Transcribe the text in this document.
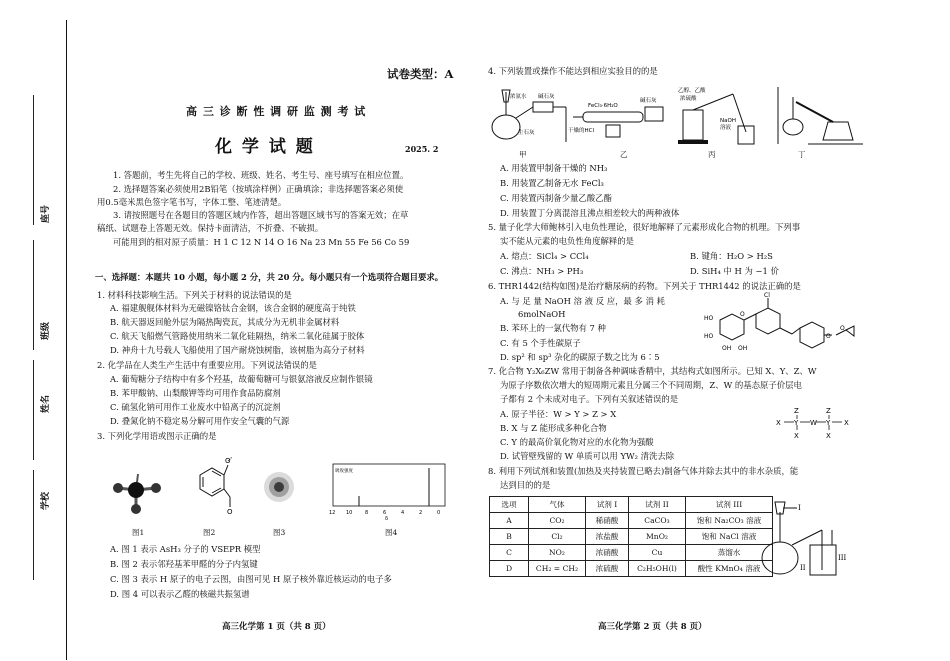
座号
班级
姓名
学校
试卷类型：A
高 三 诊 断 性 调 研 监 测 考 试
化 学 试 题	2025. 2
1. 答题前，考生先将自己的学校、班级、姓名、考生号、座号填写在相应位置。
2. 选择题答案必须使用2B铅笔（按填涂样例）正确填涂；非选择题答案必须使
用0.5毫米黑色签字笔书写，字体工整、笔迹清楚。
3. 请按照题号在各题目的答题区域内作答，超出答题区域书写的答案无效；在草
稿纸、试题卷上答题无效。保持卡面清洁，不折叠、不破损。
可能用到的相对原子质量：H 1 C 12 N 14 O 16 Na 23 Mn 55 Fe 56 Co 59
一、选择题：本题共 10 小题，每小题 2 分，共 20 分。每小题只有一个选项符合题目要求。
1. 材料科技影响生活。下列关于材料的说法错误的是
A. 福建舰舰体材料为无磁镍铬钛合金钢，该合金钢的硬度高于纯铁
B. 航天器返回舱外层为隔热陶瓷瓦，其成分为无机非金属材料
C. 航天飞船燃气管路使用纳米二氧化硅隔热，纳米二氧化硅属于胶体
D. 神舟十九号载人飞船使用了国产耐烧蚀树脂，该树脂为高分子材料
2. 化学品在人类生产生活中有重要应用。下列说法错误的是
A. 葡萄糖分子结构中有多个羟基，故葡萄糖可与银氨溶液反应制作银镜
B. 苯甲酸钠、山梨酸钾等均可用作食品防腐剂
C. 硫氢化钠可用作工业废水中铅离子的沉淀剂
D. 叠氮化钠不稳定易分解可用作安全气囊的气源
3. 下列化学用语或图示正确的是
图1
O
O
图2	图3
吸收强度
12 10	8	6	4	2	0
δ
图4
A. 图 1 表示 AsH₃ 分子的 VSEPR 模型
B. 图 2 表示邻羟基苯甲醛的分子内氢键
C. 图 3 表示 H 原子的电子云图，由图可见 H 原子核外靠近核运动的电子多
D. 图 4 可以表示乙醛的核磁共振氢谱
高三化学第 1 页（共 8 页）
4. 下列装置或操作不能达到相应实验目的的是
浓氨水 碱石灰
生石灰
FeCl₃·6H₂O
碱石灰
干燥的HCl
乙醇、乙酸
浓硫酸
NaOH
溶液
甲	乙	丙	丁
A. 用装置甲制备干燥的 NH₃
B. 用装置乙制备无水 FeCl₃
C. 用装置丙制备少量乙酸乙酯
D. 用装置丁分离混溶且沸点相差较大的两种液体
5. 量子化学大师鲍林引入电负性理论，很好地解释了元素形成化合物的机理。下列事
实不能从元素的电负性角度解释的是
A. 熔点：SiCl₄ > CCl₄	B. 键角：H₂O > H₂S
C. 沸点：NH₃ > PH₃	D. SiH₄ 中 H 为 −1 价
6. THR1442(结构如图)是治疗糖尿病的药物。下列关于 THR1442 的说法正确的是
A. 与 足 量 NaOH 溶 液 反 应，最 多 消 耗
6molNaOH
B. 苯环上的一氯代物有 7 种
C. 有 5 个手性碳原子
D. sp² 和 sp³ 杂化的碳原子数之比为 6∶5
Cl
HO
HO
OH OH
O
O
O
7. 化合物 Y₂X₆ZW 常用于制备各种调味香精中，其结构式如图所示。已知 X、Y、Z、W
为原子序数依次增大的短周期元素且分属三个不同周期，Z、W 的基态原子价层电
子都有 2 个未成对电子。下列有关叙述错误的是
A. 原子半径：W > Y > Z > X
B. X 与 Z 能形成多种化合物
C. Y 的最高价氧化物对应的水化物为强酸
D. 试管壁残留的 W 单质可以用 YW₂ 清洗去除
X
Z
Y W Y X
Z
X	X
8. 利用下列试剂和装置(加热及夹持装置已略去)制备气体并除去其中的非水杂质，能
达到目的的是
选项	气体	试剂 I	试剂 II	试剂 III
A	CO₂	稀硝酸	CaCO₃	饱和 Na₂CO₃ 溶液
B	Cl₂	浓盐酸	MnO₂	饱和 NaCl 溶液
C	NO₂	浓硝酸	Cu	蒸馏水
D	CH₂ = CH₂	浓硫酸	C₂H₅OH(l)	酸性 KMnO₄ 溶液
I
II
III
高三化学第 2 页（共 8 页）
